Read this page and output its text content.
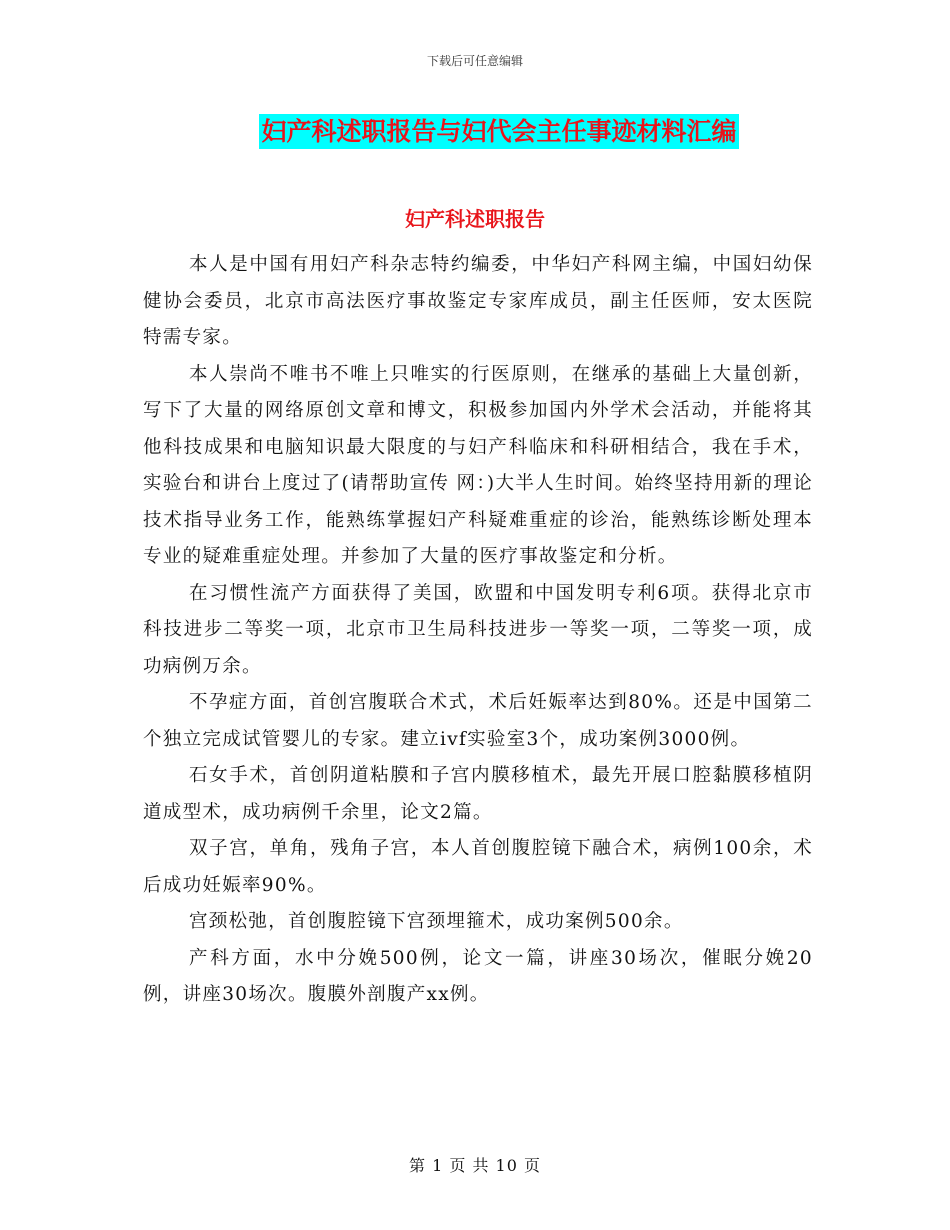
下载后可任意编辑
妇产科述职报告与妇代会主任事迹材料汇编
妇产科述职报告

本人是中国有用妇产科杂志特约编委，中华妇产科网主编，中国妇幼保健协会委员，北京市高法医疗事故鉴定专家库成员，副主任医师，安太医院特需专家。

本人崇尚不唯书不唯上只唯实的行医原则，在继承的基础上大量创新，写下了大量的网络原创文章和博文，积极参加国内外学术会活动，并能将其他科技成果和电脑知识最大限度的与妇产科临床和科研相结合，我在手术，实验台和讲台上度过了(请帮助宣传 网：)大半人生时间。始终坚持用新的理论技术指导业务工作，能熟练掌握妇产科疑难重症的诊治，能熟练诊断处理本专业的疑难重症处理。并参加了大量的医疗事故鉴定和分析。

在习惯性流产方面获得了美国，欧盟和中国发明专利6项。获得北京市科技进步二等奖一项，北京市卫生局科技进步一等奖一项，二等奖一项，成功病例万余。

不孕症方面，首创宫腹联合术式，术后妊娠率达到80%。还是中国第二个独立完成试管婴儿的专家。建立ivf实验室3个，成功案例3000例。

石女手术，首创阴道粘膜和子宫内膜移植术，最先开展口腔黏膜移植阴道成型术，成功病例千余里，论文2篇。

双子宫，单角，残角子宫，本人首创腹腔镜下融合术，病例100余，术后成功妊娠率90%。

宫颈松弛，首创腹腔镜下宫颈埋箍术，成功案例500余。

产科方面，水中分娩500例，论文一篇，讲座30场次，催眠分娩20例，讲座30场次。腹膜外剖腹产xx例。

第 1 页 共 10 页
